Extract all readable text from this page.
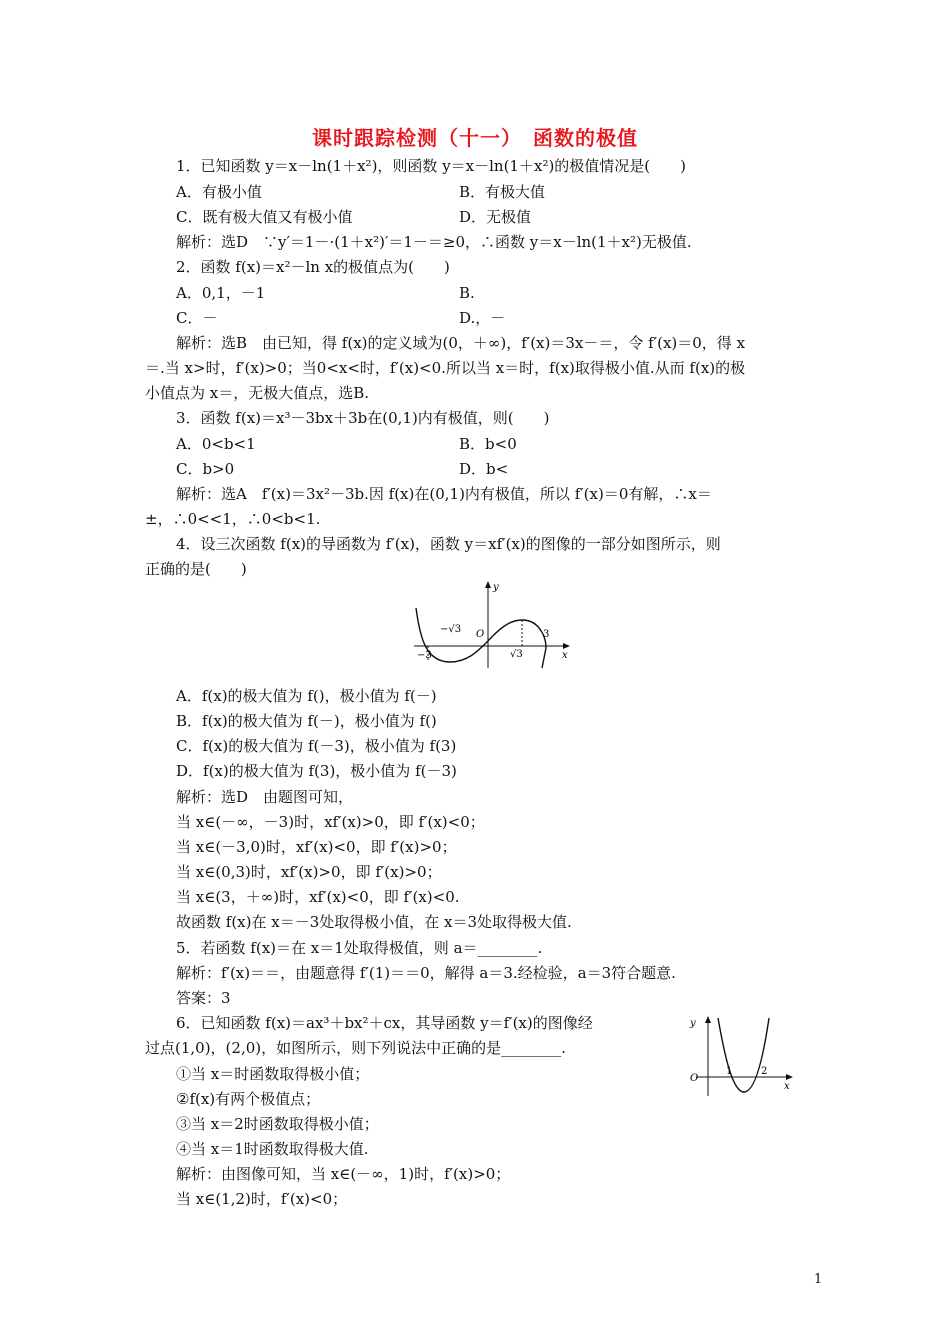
课时跟踪检测（十一）　函数的极值
1．已知函数 y＝x－ln(1＋x²)，则函数 y＝x－ln(1＋x²)的极值情况是(　　)
A．有极小值	B．有极大值
C．既有极大值又有极小值	D．无极值
解析：选D　∵y′＝1－·(1＋x²)′＝1－＝≥0，∴函数 y＝x－ln(1＋x²)无极值.
2．函数 f(x)＝x²－ln x的极值点为(　　)
A．0,1，－1	B.
C．－	D.，－
解析：选B　由已知，得 f(x)的定义域为(0，＋∞)，f′(x)＝3x－＝，令 f′(x)＝0，得 x
＝.当 x>时，f′(x)>0；当0<x<时，f′(x)<0.所以当 x＝时，f(x)取得极小值.从而 f(x)的极
小值点为 x＝，无极大值点，选B.
3．函数 f(x)＝x³－3bx＋3b在(0,1)内有极值，则(　　)
A．0<b<1	B．b<0
C．b>0	D．b<
解析：选A　f′(x)＝3x²－3b.因 f(x)在(0,1)内有极值，所以 f′(x)＝0有解，∴x＝
±，∴0<<1，∴0<b<1.
4．设三次函数 f(x)的导函数为 f′(x)，函数 y＝xf′(x)的图像的一部分如图所示，则
正确的是(　　)
A．f(x)的极大值为 f()，极小值为 f(－)
B．f(x)的极大值为 f(－)，极小值为 f()
C．f(x)的极大值为 f(－3)，极小值为 f(3)
D．f(x)的极大值为 f(3)，极小值为 f(－3)
解析：选D　由题图可知，
当 x∈(－∞，－3)时，xf′(x)>0，即 f′(x)<0；
当 x∈(－3,0)时，xf′(x)<0，即 f′(x)>0；
当 x∈(0,3)时，xf′(x)>0，即 f′(x)>0；
当 x∈(3，＋∞)时，xf′(x)<0，即 f′(x)<0.
故函数 f(x)在 x＝－3处取得极小值，在 x＝3处取得极大值.
5．若函数 f(x)＝在 x＝1处取得极值，则 a＝________.
解析：f′(x)＝＝，由题意得 f′(1)＝＝0，解得 a＝3.经检验，a＝3符合题意.
答案：3
6．已知函数 f(x)＝ax³＋bx²＋cx，其导函数 y＝f′(x)的图像经
过点(1,0)，(2,0)，如图所示，则下列说法中正确的是________.
①当 x＝时函数取得极小值；
②f(x)有两个极值点；
③当 x＝2时函数取得极小值；
④当 x＝1时函数取得极大值.
解析：由图像可知，当 x∈(－∞，1)时，f′(x)>0；
当 x∈(1,2)时，f′(x)<0；
y
x
O
−3
3
−√3
√3
y
x
O
1	2
1
